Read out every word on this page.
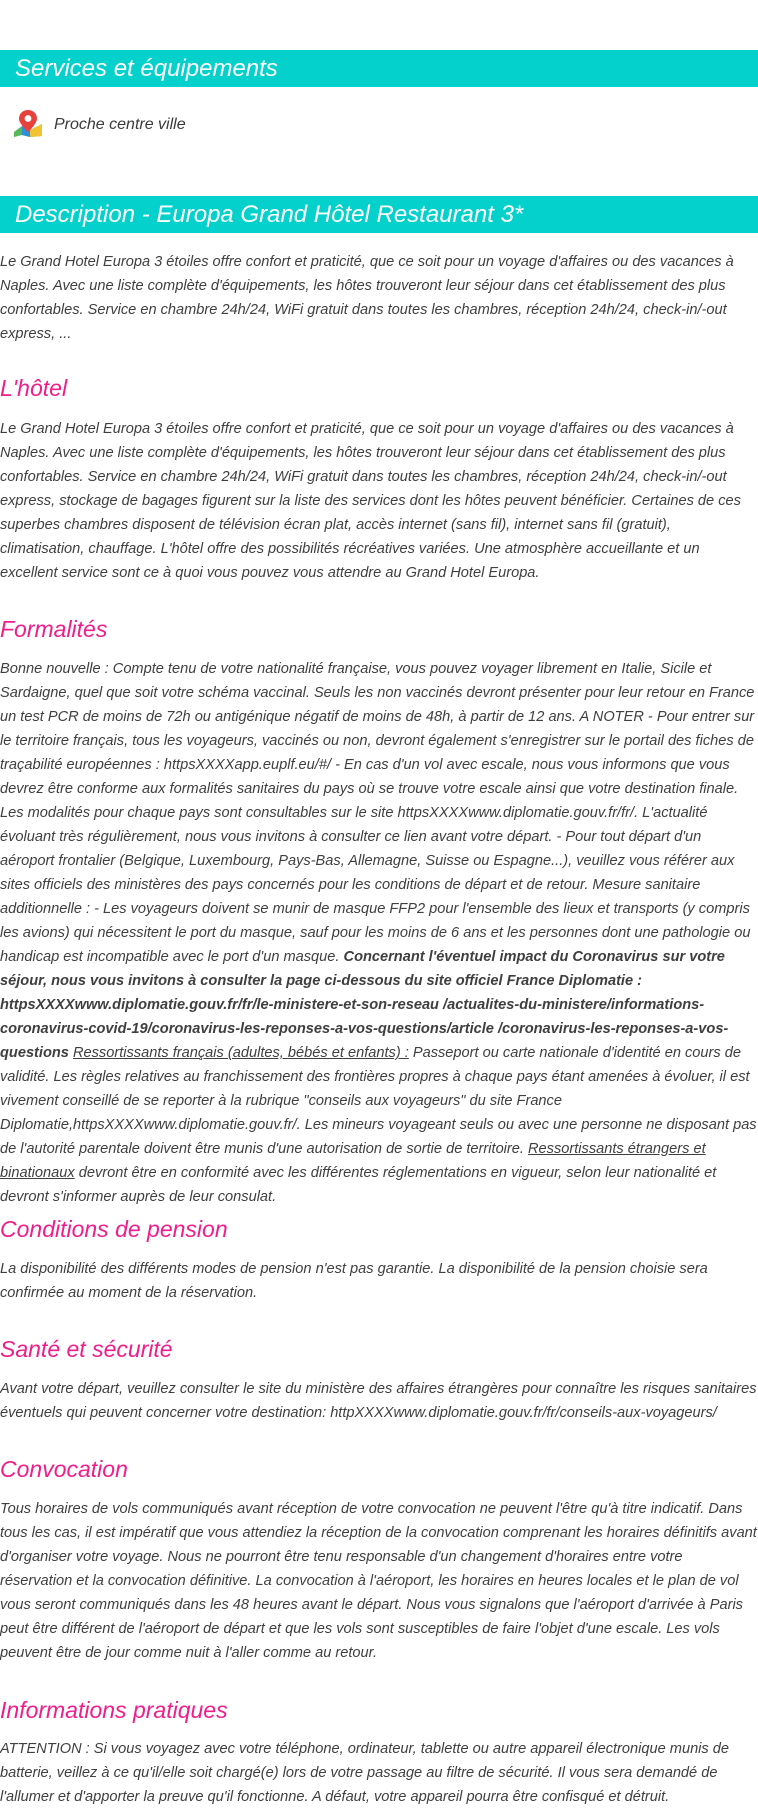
Services et équipements
Proche centre ville
Description - Europa Grand Hôtel Restaurant 3*

Le Grand Hotel Europa 3 étoiles offre confort et praticité, que ce soit pour un voyage d'affaires ou des vacances à Naples. Avec une liste complète d'équipements, les hôtes trouveront leur séjour dans cet établissement des plus confortables. Service en chambre 24h/24, WiFi gratuit dans toutes les chambres, réception 24h/24, check-in/-out express, ...

L'hôtel

Le Grand Hotel Europa 3 étoiles offre confort et praticité, que ce soit pour un voyage d'affaires ou des vacances à Naples. Avec une liste complète d'équipements, les hôtes trouveront leur séjour dans cet établissement des plus confortables. Service en chambre 24h/24, WiFi gratuit dans toutes les chambres, réception 24h/24, check-in/-out express, stockage de bagages figurent sur la liste des services dont les hôtes peuvent bénéficier. Certaines de ces superbes chambres disposent de télévision écran plat, accès internet (sans fil), internet sans fil (gratuit), climatisation, chauffage. L'hôtel offre des possibilités récréatives variées. Une atmosphère accueillante et un excellent service sont ce à quoi vous pouvez vous attendre au Grand Hotel Europa.

Formalités

Bonne nouvelle : Compte tenu de votre nationalité française, vous pouvez voyager librement en Italie, Sicile et Sardaigne, quel que soit votre schéma vaccinal. Seuls les non vaccinés devront présenter pour leur retour en France un test PCR de moins de 72h ou antigénique négatif de moins de 48h, à partir de 12 ans. A NOTER - Pour entrer sur le territoire français, tous les voyageurs, vaccinés ou non, devront également s'enregistrer sur le portail des fiches de traçabilité européennes : httpsXXXXapp.euplf.eu/#/ - En cas d'un vol avec escale, nous vous informons que vous devrez être conforme aux formalités sanitaires du pays où se trouve votre escale ainsi que votre destination finale. Les modalités pour chaque pays sont consultables sur le site httpsXXXXwww.diplomatie.gouv.fr/fr/. L'actualité évoluant très régulièrement, nous vous invitons à consulter ce lien avant votre départ. - Pour tout départ d'un aéroport frontalier (Belgique, Luxembourg, Pays-Bas, Allemagne, Suisse ou Espagne...), veuillez vous référer aux sites officiels des ministères des pays concernés pour les conditions de départ et de retour. Mesure sanitaire additionnelle : - Les voyageurs doivent se munir de masque FFP2 pour l'ensemble des lieux et transports (y compris les avions) qui nécessitent le port du masque, sauf pour les moins de 6 ans et les personnes dont une pathologie ou handicap est incompatible avec le port d'un masque. Concernant l'éventuel impact du Coronavirus sur votre séjour, nous vous invitons à consulter la page ci-dessous du site officiel France Diplomatie : httpsXXXXwww.diplomatie.gouv.fr/fr/le-ministere-et-son-reseau /actualites-du-ministere/informations-coronavirus-covid-19/coronavirus-les-reponses-a-vos-questions/article /coronavirus-les-reponses-a-vos-questions Ressortissants français (adultes, bébés et enfants) : Passeport ou carte nationale d'identité en cours de validité. Les règles relatives au franchissement des frontières propres à chaque pays étant amenées à évoluer, il est vivement conseillé de se reporter à la rubrique "conseils aux voyageurs" du site France Diplomatie,httpsXXXXwww.diplomatie.gouv.fr/. Les mineurs voyageant seuls ou avec une personne ne disposant pas de l'autorité parentale doivent être munis d'une autorisation de sortie de territoire. Ressortissants étrangers et binationaux devront être en conformité avec les différentes réglementations en vigueur, selon leur nationalité et devront s'informer auprès de leur consulat.

Conditions de pension

La disponibilité des différents modes de pension n'est pas garantie. La disponibilité de la pension choisie sera confirmée au moment de la réservation.

Santé et sécurité

Avant votre départ, veuillez consulter le site du ministère des affaires étrangères pour connaître les risques sanitaires éventuels qui peuvent concerner votre destination: httpXXXXwww.diplomatie.gouv.fr/fr/conseils-aux-voyageurs/

Convocation

Tous horaires de vols communiqués avant réception de votre convocation ne peuvent l'être qu'à titre indicatif. Dans tous les cas, il est impératif que vous attendiez la réception de la convocation comprenant les horaires définitifs avant d'organiser votre voyage. Nous ne pourront être tenu responsable d'un changement d'horaires entre votre réservation et la convocation définitive. La convocation à l'aéroport, les horaires en heures locales et le plan de vol vous seront communiqués dans les 48 heures avant le départ. Nous vous signalons que l'aéroport d'arrivée à Paris peut être différent de l'aéroport de départ et que les vols sont susceptibles de faire l'objet d'une escale. Les vols peuvent être de jour comme nuit à l'aller comme au retour.

Informations pratiques

ATTENTION : Si vous voyagez avec votre téléphone, ordinateur, tablette ou autre appareil électronique munis de batterie, veillez à ce qu'il/elle soit chargé(e) lors de votre passage au filtre de sécurité. Il vous sera demandé de l'allumer et d'apporter la preuve qu'il fonctionne. A défaut, votre appareil pourra être confisqué et détruit.
